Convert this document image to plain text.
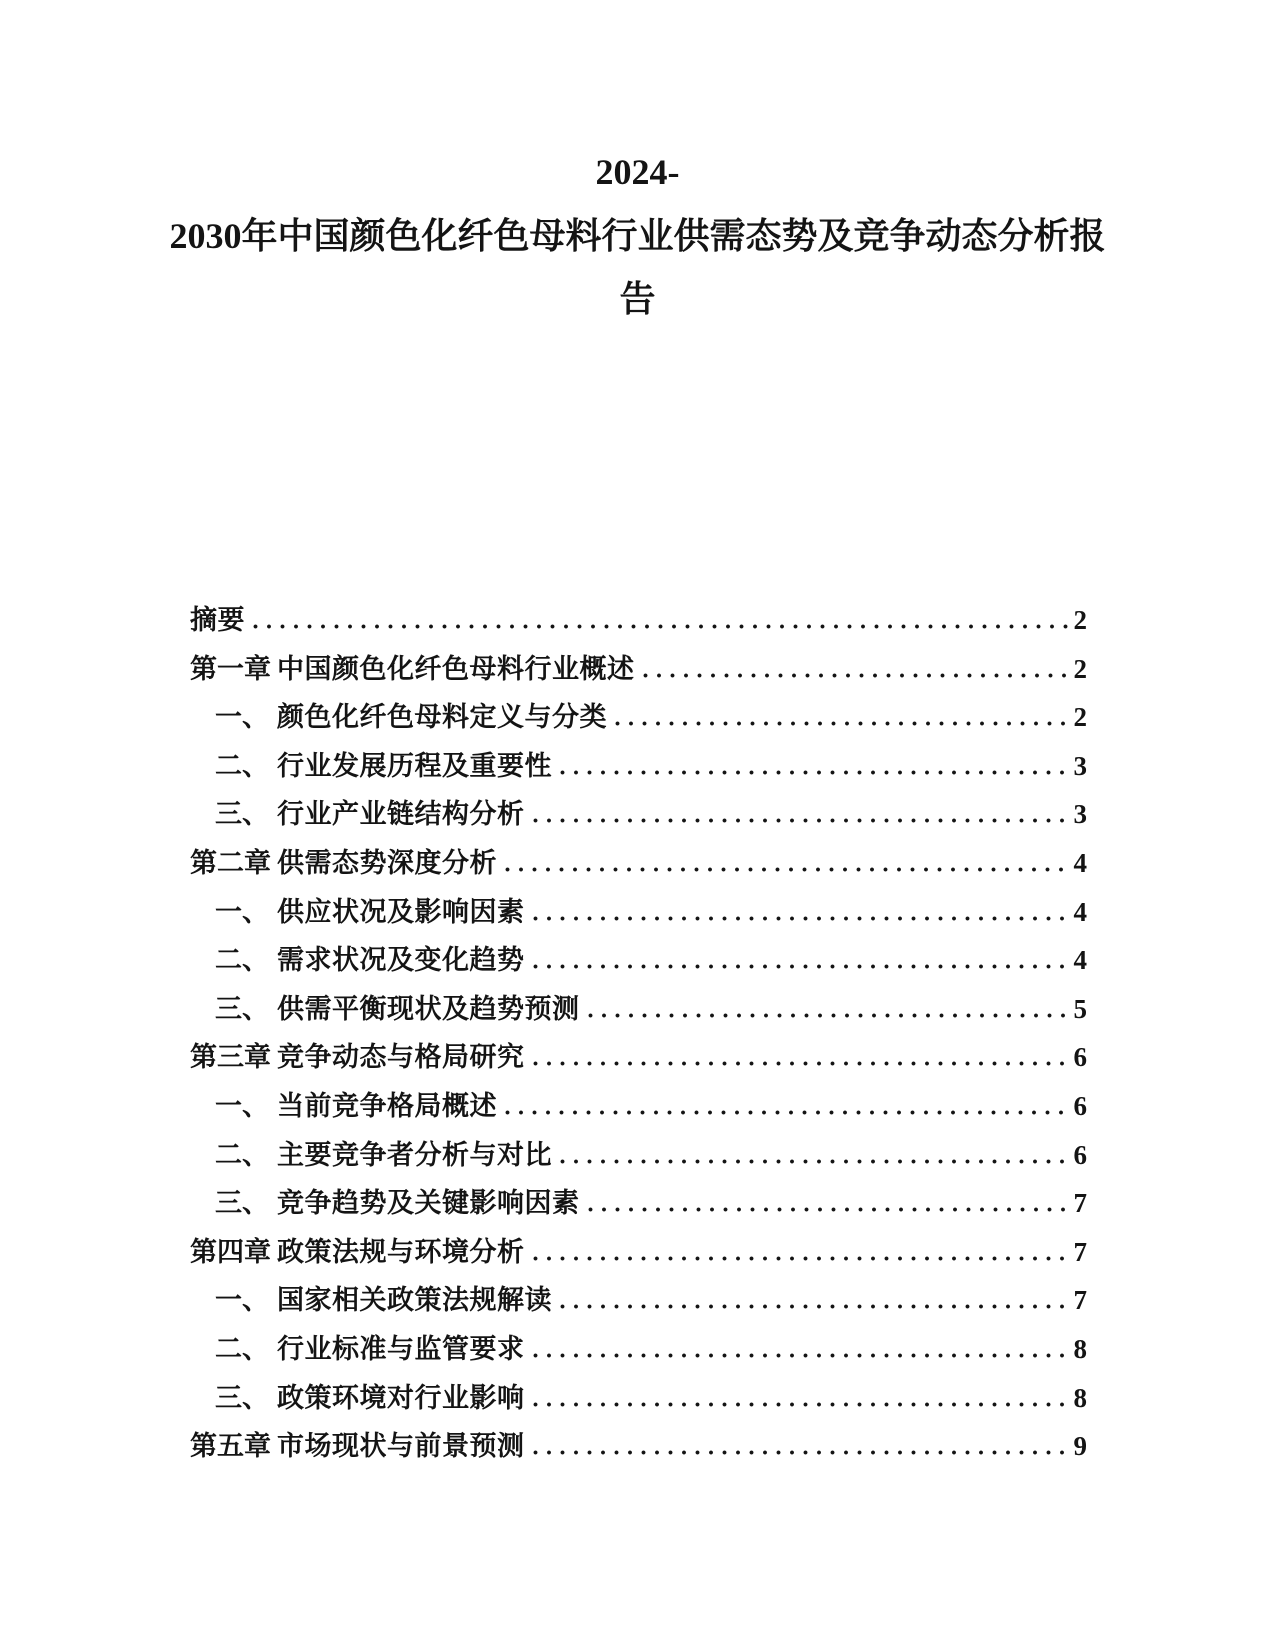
2024-
2030年中国颜色化纤色母料行业供需态势及竞争动态分析报
告
摘要	2
第一章 中国颜色化纤色母料行业概述	2
一、 颜色化纤色母料定义与分类	2
二、 行业发展历程及重要性	3
三、 行业产业链结构分析	3
第二章 供需态势深度分析	4
一、 供应状况及影响因素	4
二、 需求状况及变化趋势	4
三、 供需平衡现状及趋势预测	5
第三章 竞争动态与格局研究	6
一、 当前竞争格局概述	6
二、 主要竞争者分析与对比	6
三、 竞争趋势及关键影响因素	7
第四章 政策法规与环境分析	7
一、 国家相关政策法规解读	7
二、 行业标准与监管要求	8
三、 政策环境对行业影响	8
第五章 市场现状与前景预测	9
